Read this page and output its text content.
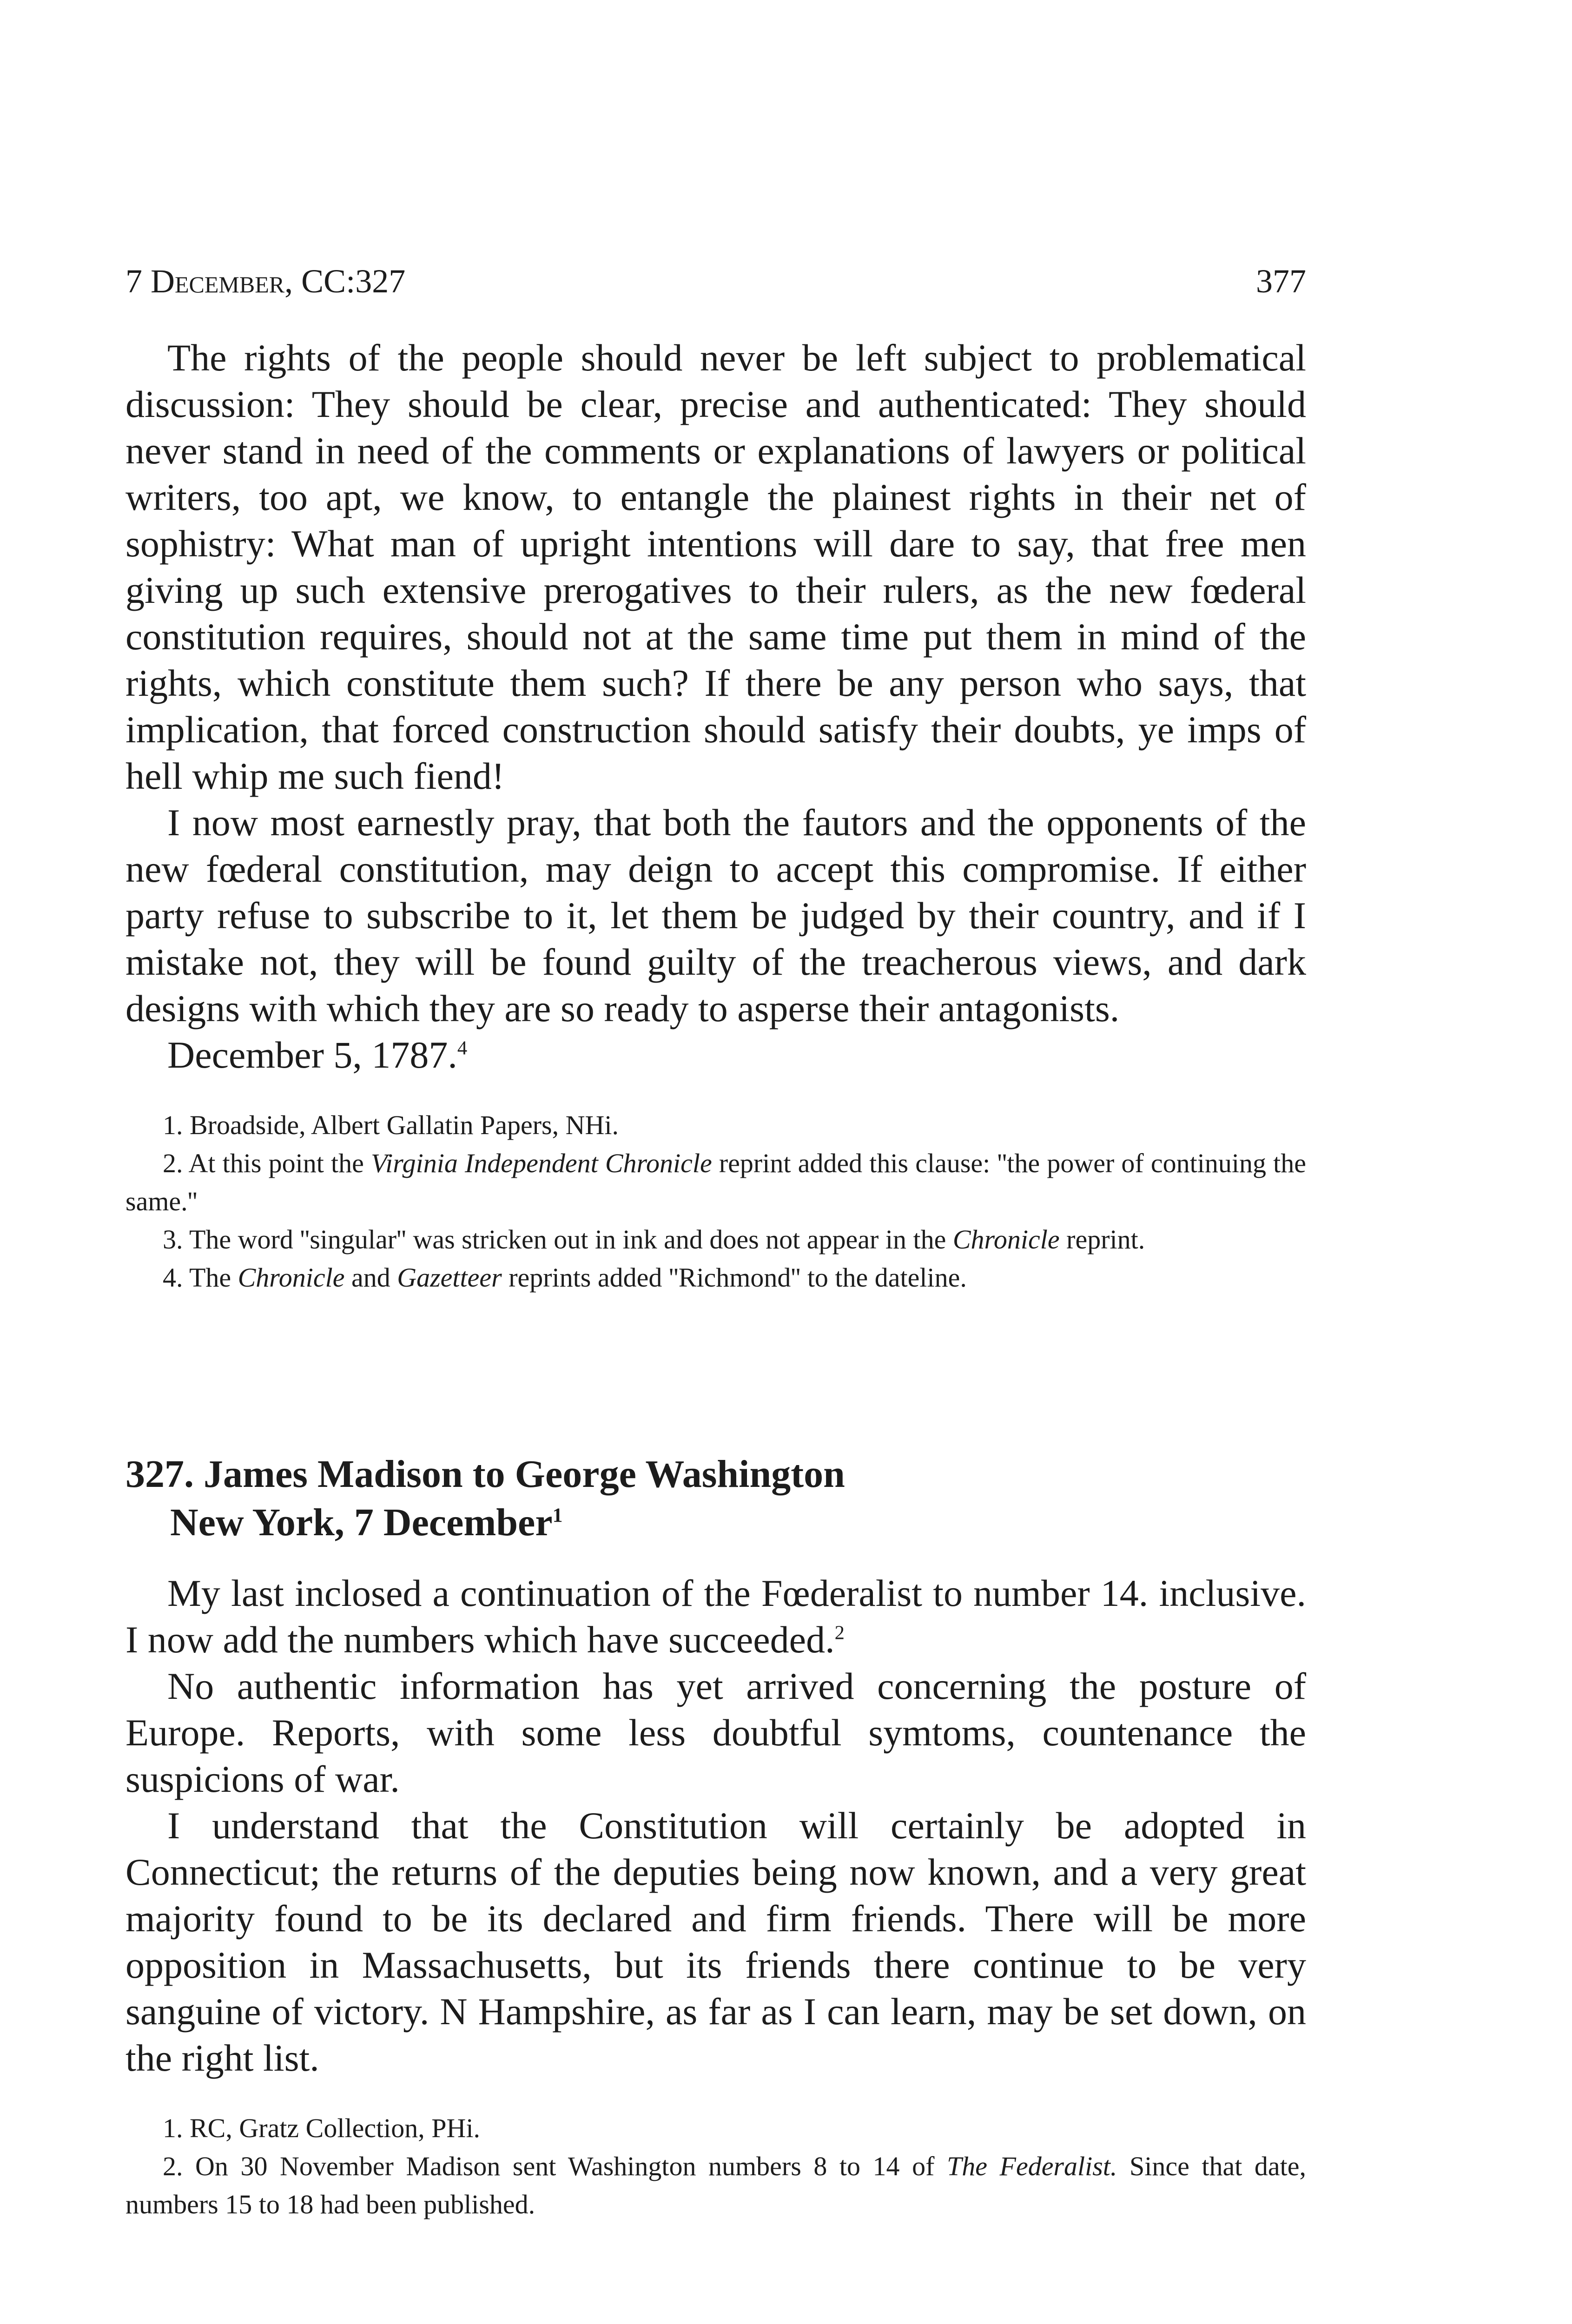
7 December, CC:327	377

The rights of the people should never be left subject to problematical discussion: They should be clear, precise and authenticated: They should never stand in need of the comments or explanations of lawyers or political writers, too apt, we know, to entangle the plainest rights in their net of sophistry: What man of upright intentions will dare to say, that free men giving up such extensive prerogatives to their rulers, as the new fœderal constitution requires, should not at the same time put them in mind of the rights, which constitute them such? If there be any person who says, that implication, that forced construction should satisfy their doubts, ye imps of hell whip me such fiend!

I now most earnestly pray, that both the fautors and the opponents of the new fœderal constitution, may deign to accept this compromise. If either party refuse to subscribe to it, let them be judged by their country, and if I mistake not, they will be found guilty of the treacherous views, and dark designs with which they are so ready to asperse their antagonists.

December 5, 1787.$^4$

1. Broadside, Albert Gallatin Papers, NHi.

2. At this point the Virginia Independent Chronicle reprint added this clause: ''the power of continuing the same.''

3. The word ''singular'' was stricken out in ink and does not appear in the Chronicle reprint.

4. The Chronicle and Gazetteer reprints added ''Richmond'' to the dateline.

327. James Madison to George Washington
New York, 7 December$^1$

My last inclosed a continuation of the Fœderalist to number 14. inclusive. I now add the numbers which have succeeded.$^2$

No authentic information has yet arrived concerning the posture of Europe. Reports, with some less doubtful symtoms, countenance the suspicions of war.

I understand that the Constitution will certainly be adopted in Connecticut; the returns of the deputies being now known, and a very great majority found to be its declared and firm friends. There will be more opposition in Massachusetts, but its friends there continue to be very sanguine of victory. N Hampshire, as far as I can learn, may be set down, on the right list.

1. RC, Gratz Collection, PHi.

2. On 30 November Madison sent Washington numbers 8 to 14 of The Federalist. Since that date, numbers 15 to 18 had been published.
